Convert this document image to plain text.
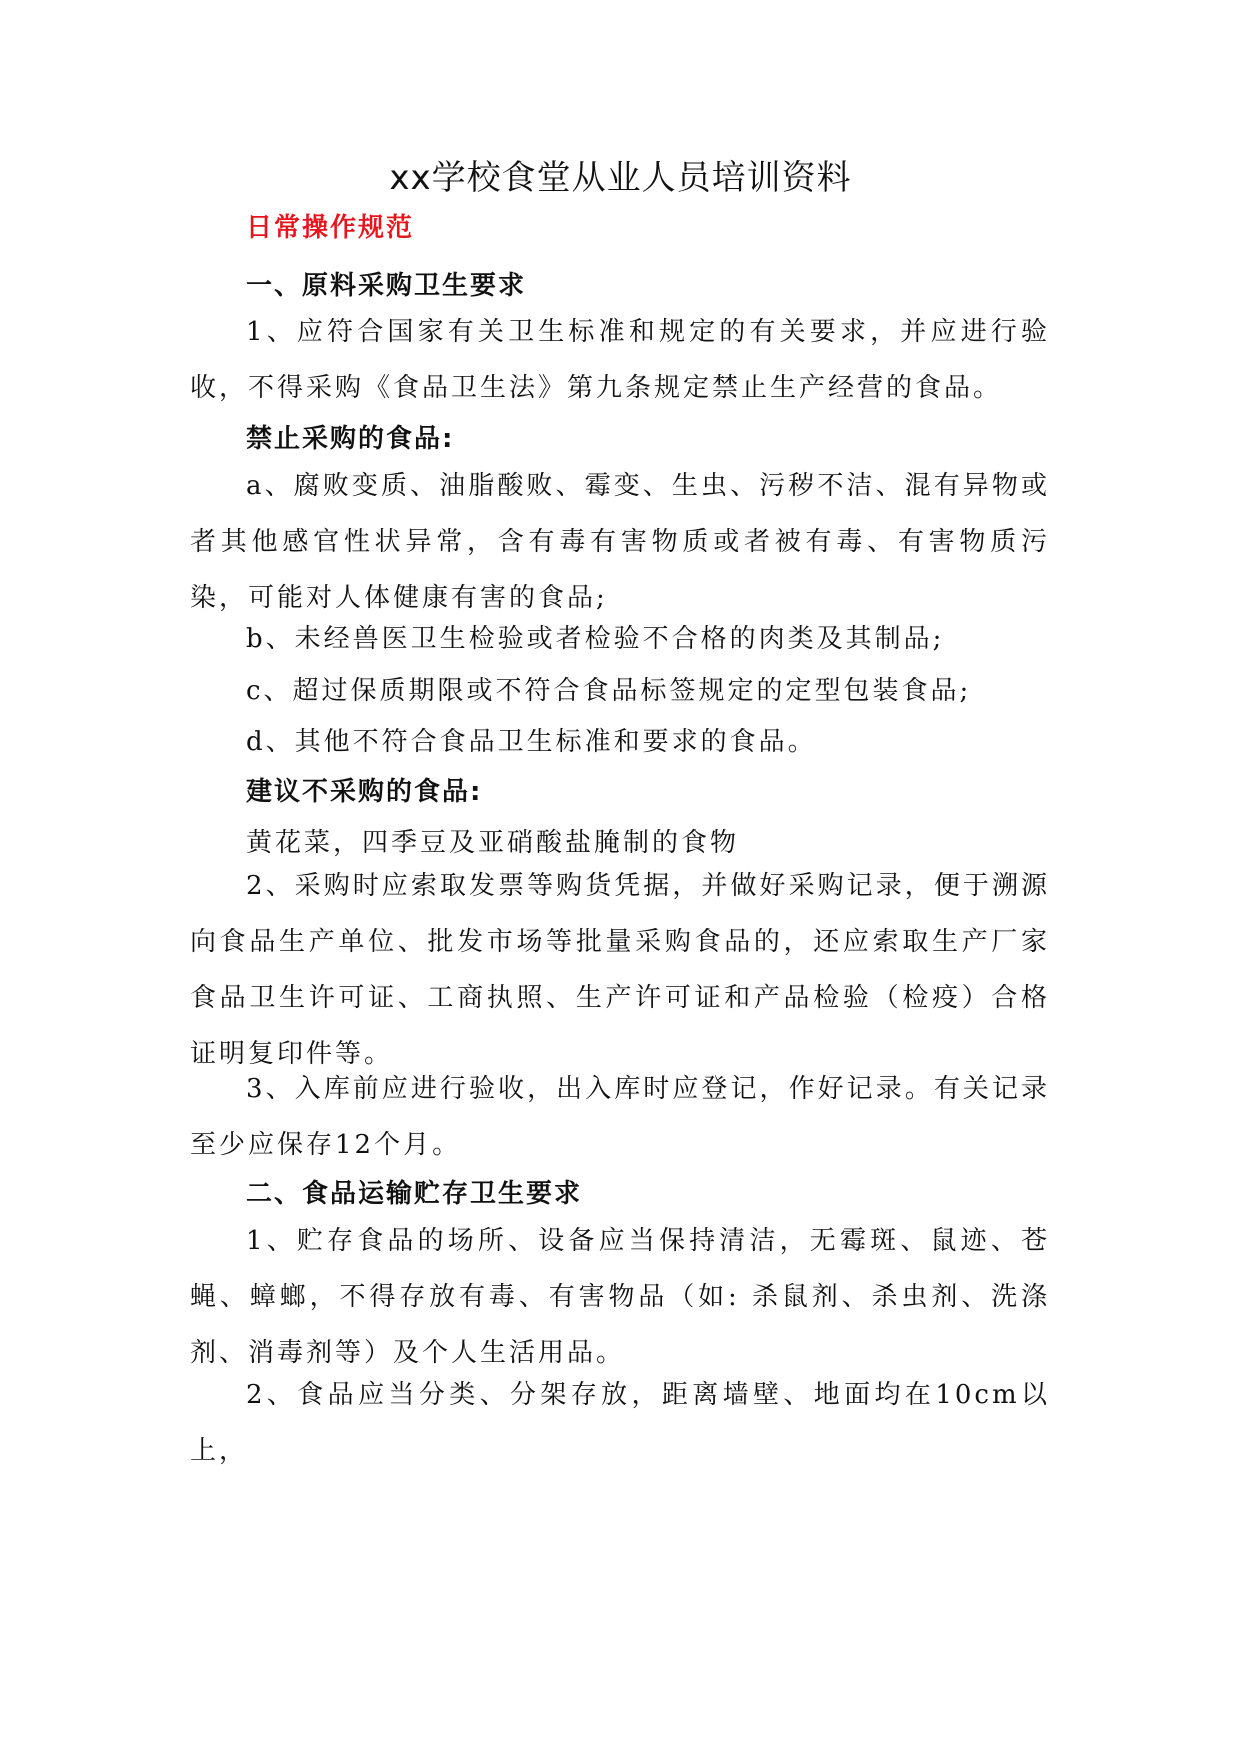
xx学校食堂从业人员培训资料
日常操作规范
一、原料采购卫生要求
1、应符合国家有关卫生标准和规定的有关要求，并应进行验收，不得采购《食品卫生法》第九条规定禁止生产经营的食品。
禁止采购的食品:
a、腐败变质、油脂酸败、霉变、生虫、污秽不洁、混有异物或者其他感官性状异常，含有毒有害物质或者被有毒、有害物质污染，可能对人体健康有害的食品;
b、未经兽医卫生检验或者检验不合格的肉类及其制品;
c、超过保质期限或不符合食品标签规定的定型包装食品;
d、其他不符合食品卫生标准和要求的食品。
建议不采购的食品:
黄花菜，四季豆及亚硝酸盐腌制的食物
2、采购时应索取发票等购货凭据，并做好采购记录，便于溯源向食品生产单位、批发市场等批量采购食品的，还应索取生产厂家食品卫生许可证、工商执照、生产许可证和产品检验（检疫）合格证明复印件等。
3、入库前应进行验收，出入库时应登记，作好记录。有关记录至少应保存12个月。
二、食品运输贮存卫生要求
1、贮存食品的场所、设备应当保持清洁，无霉斑、鼠迹、苍蝇、蟑螂，不得存放有毒、有害物品（如: 杀鼠剂、杀虫剂、洗涤剂、消毒剂等）及个人生活用品。
2、食品应当分类、分架存放，距离墙壁、地面均在10cm以上，
